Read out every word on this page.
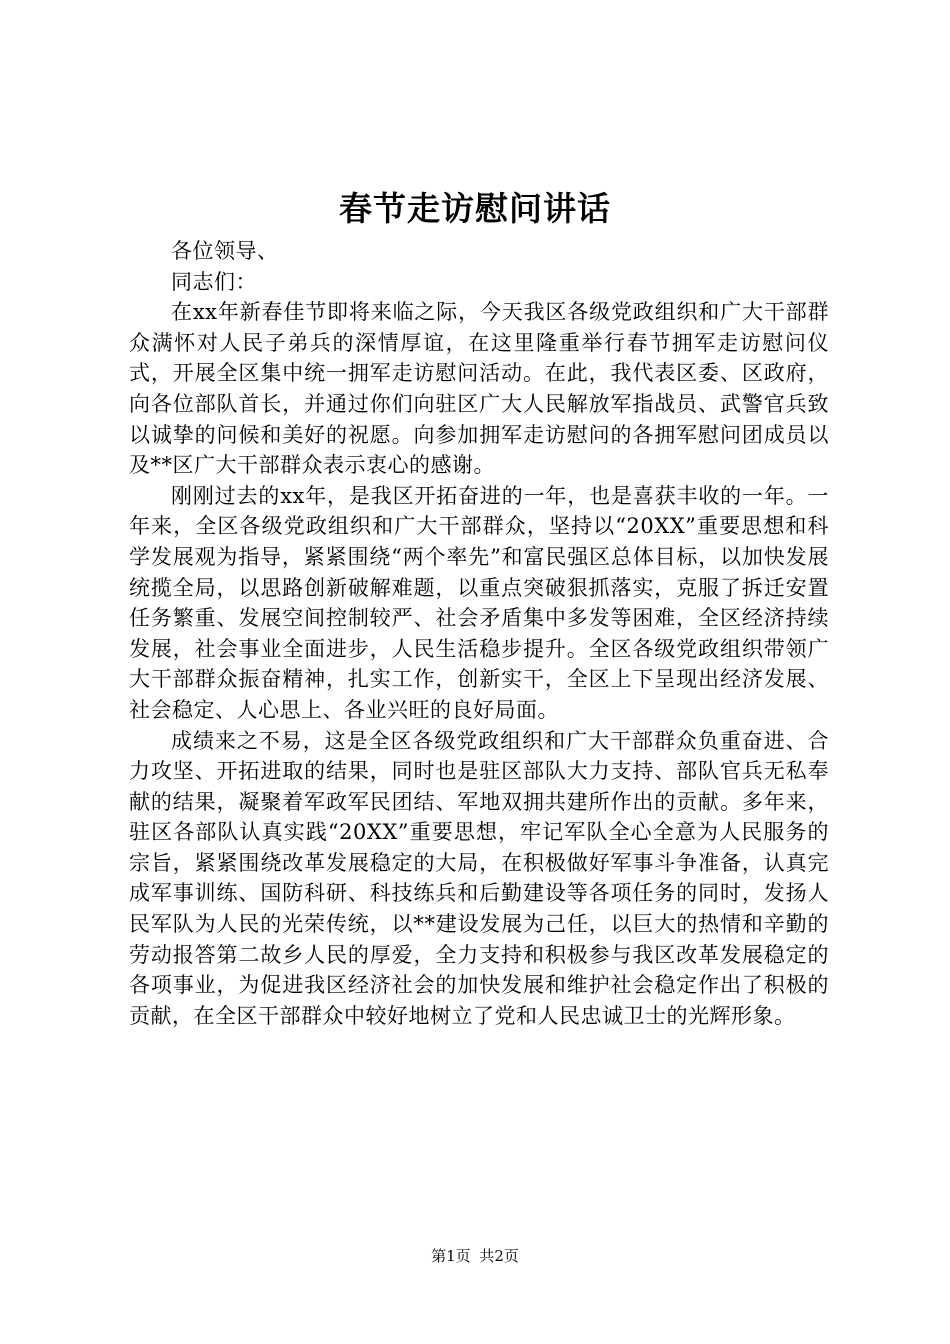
春节走访慰问讲话

各位领导、

同志们：

在xx年新春佳节即将来临之际，今天我区各级党政组织和广大干部群众满怀对人民子弟兵的深情厚谊，在这里隆重举行春节拥军走访慰问仪式，开展全区集中统一拥军走访慰问活动。在此，我代表区委、区政府，向各位部队首长，并通过你们向驻区广大人民解放军指战员、武警官兵致以诚挚的问候和美好的祝愿。向参加拥军走访慰问的各拥军慰问团成员以及**区广大干部群众表示衷心的感谢。

刚刚过去的xx年，是我区开拓奋进的一年，也是喜获丰收的一年。一年来，全区各级党政组织和广大干部群众，坚持以“20XX”重要思想和科学发展观为指导，紧紧围绕“两个率先”和富民强区总体目标，以加快发展统揽全局，以思路创新破解难题，以重点突破狠抓落实，克服了拆迁安置任务繁重、发展空间控制较严、社会矛盾集中多发等困难，全区经济持续发展，社会事业全面进步，人民生活稳步提升。全区各级党政组织带领广大干部群众振奋精神，扎实工作，创新实干，全区上下呈现出经济发展、社会稳定、人心思上、各业兴旺的良好局面。

成绩来之不易，这是全区各级党政组织和广大干部群众负重奋进、合力攻坚、开拓进取的结果，同时也是驻区部队大力支持、部队官兵无私奉献的结果，凝聚着军政军民团结、军地双拥共建所作出的贡献。多年来，驻区各部队认真实践“20XX”重要思想，牢记军队全心全意为人民服务的宗旨，紧紧围绕改革发展稳定的大局，在积极做好军事斗争准备，认真完成军事训练、国防科研、科技练兵和后勤建设等各项任务的同时，发扬人民军队为人民的光荣传统，以**建设发展为己任，以巨大的热情和辛勤的劳动报答第二故乡人民的厚爱，全力支持和积极参与我区改革发展稳定的各项事业，为促进我区经济社会的加快发展和维护社会稳定作出了积极的贡献，在全区干部群众中较好地树立了党和人民忠诚卫士的光辉形象。

第1页 共2页
